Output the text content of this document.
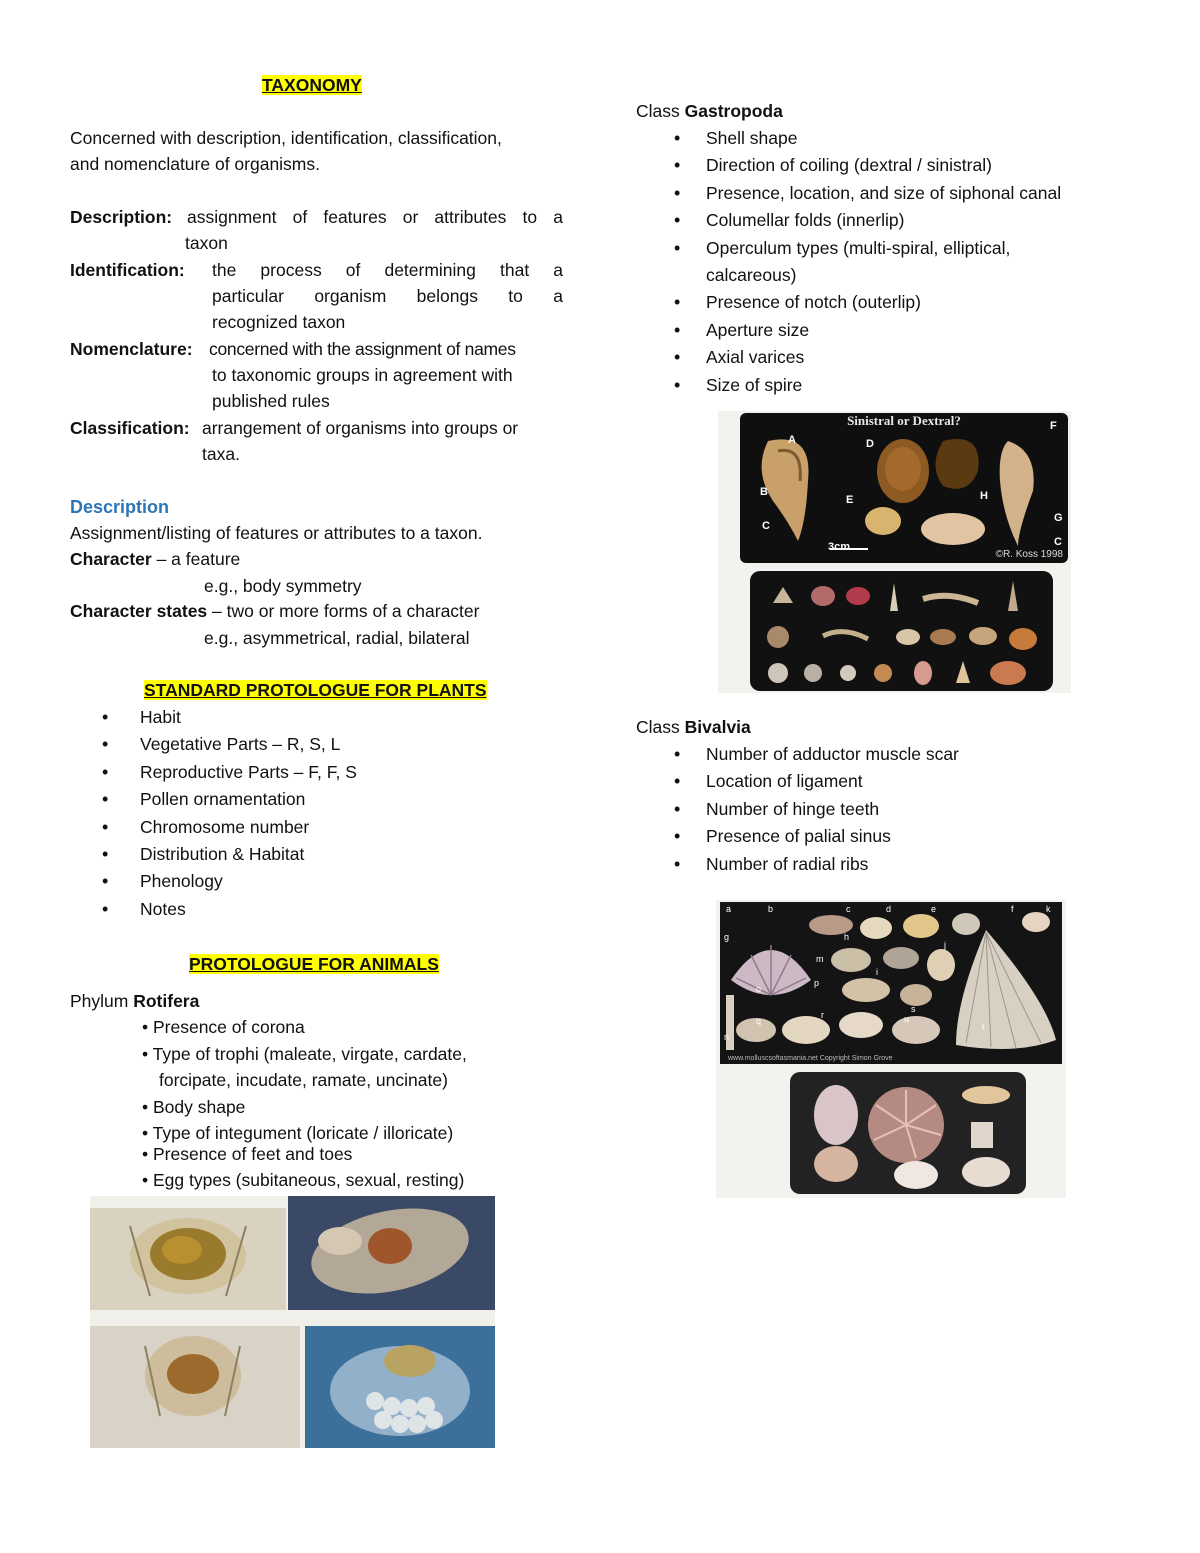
TAXONOMY
Concerned with description, identification, classification,
and nomenclature of organisms.
Description: assignment of features or attributes to a
taxon
Identification: the process of determining that a
particular organism belongs to a
recognized taxon
Nomenclature: concerned with the assignment of names
to taxonomic groups in agreement with
published rules
Classification: arrangement of organisms into groups or
taxa.
Description
Assignment/listing of features or attributes to a taxon.
Character – a feature
e.g., body symmetry
Character states – two or more forms of a character
e.g., asymmetrical, radial, bilateral
STANDARD PROTOLOGUE FOR PLANTS
• Habit
• Vegetative Parts – R, S, L
• Reproductive Parts – F, F, S
• Pollen ornamentation
• Chromosome number
• Distribution & Habitat
• Phenology
• Notes
PROTOLOGUE FOR ANIMALS
Phylum Rotifera
• Presence of corona
• Type of trophi (maleate, virgate, cardate,
forcipate, incudate, ramate, uncinate)
• Body shape
• Type of integument (loricate / illoricate)
• Presence of feet and toes
• Egg types (subitaneous, sexual, resting)
Class Gastropoda
• Shell shape
• Direction of coiling (dextral / sinistral)
• Presence, location, and size of siphonal canal
• Columellar folds (innerlip)
• Operculum types (multi-spiral, elliptical,
calcareous)
• Presence of notch (outerlip)
• Aperture size
• Axial varices
• Size of spire
Sinistral or Dextral?
A
B
C
D
E
F
G
H
C
3cm
©R. Koss 1998
Class Bivalvia
• Number of adductor muscle scar
• Location of ligament
• Number of hinge teeth
• Presence of palial sinus
• Number of radial ribs
a	b	c	d	e	f	k
g	h
i
j
m
o
p
q
r
s
t
u
n
www.molluscsoftasmania.net Copyright Simon Grove
